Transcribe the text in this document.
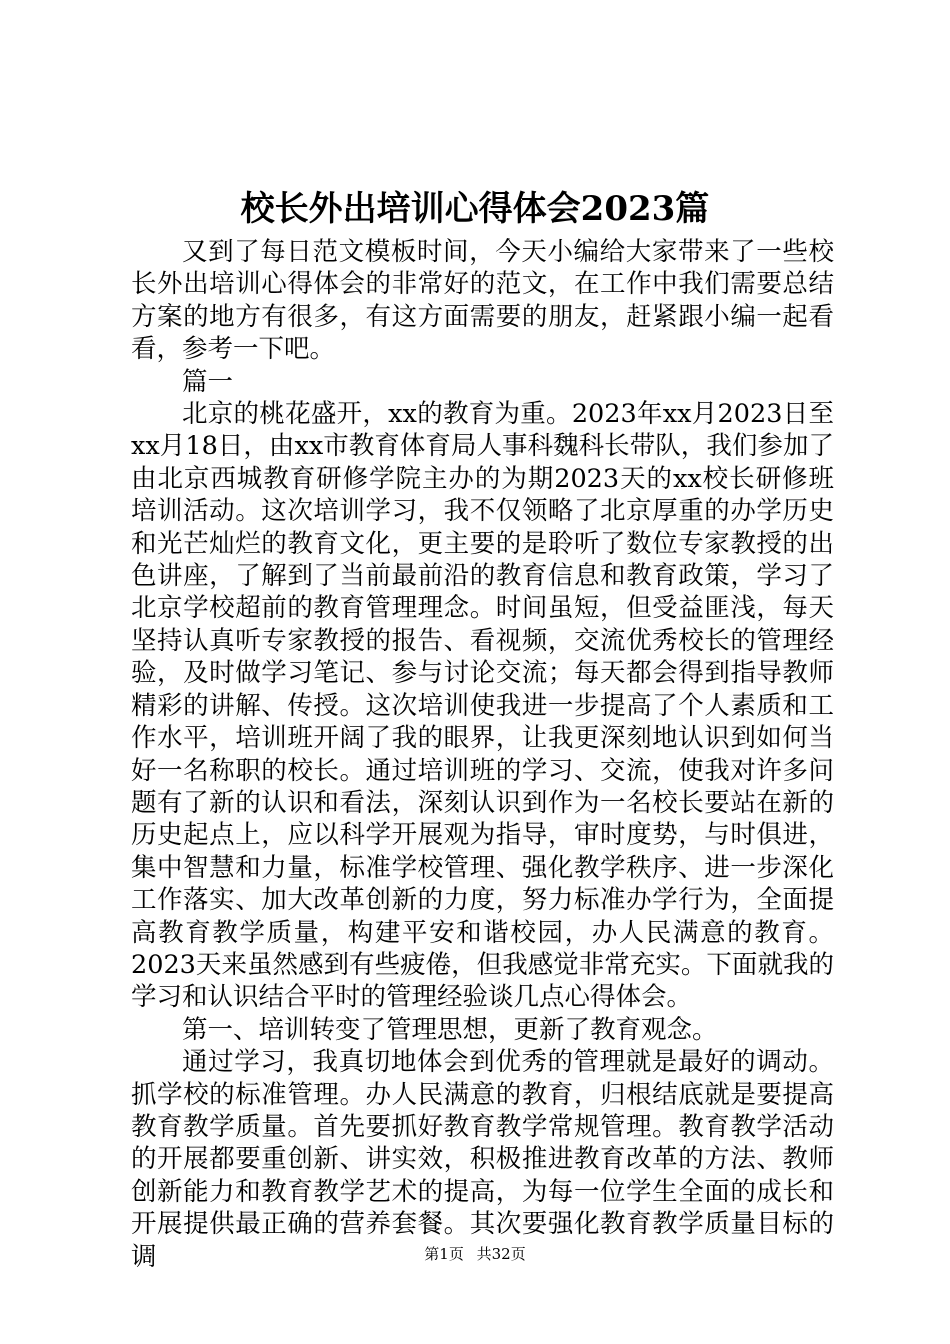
校长外出培训心得体会2023篇

又到了每日范文模板时间，今天小编给大家带来了一些校长外出培训心得体会的非常好的范文，在工作中我们需要总结方案的地方有很多，有这方面需要的朋友，赶紧跟小编一起看看，参考一下吧。

篇一

北京的桃花盛开，xx的教育为重。2023年xx月2023日至xx月18日，由xx市教育体育局人事科魏科长带队，我们参加了由北京西城教育研修学院主办的为期2023天的xx校长研修班培训活动。这次培训学习，我不仅领略了北京厚重的办学历史和光芒灿烂的教育文化，更主要的是聆听了数位专家教授的出色讲座，了解到了当前最前沿的教育信息和教育政策，学习了北京学校超前的教育管理理念。时间虽短，但受益匪浅，每天坚持认真听专家教授的报告、看视频，交流优秀校长的管理经验，及时做学习笔记、参与讨论交流；每天都会得到指导教师精彩的讲解、传授。这次培训使我进一步提高了个人素质和工作水平，培训班开阔了我的眼界，让我更深刻地认识到如何当好一名称职的校长。通过培训班的学习、交流，使我对许多问题有了新的认识和看法，深刻认识到作为一名校长要站在新的历史起点上，应以科学开展观为指导，审时度势，与时俱进，集中智慧和力量，标准学校管理、强化教学秩序、进一步深化工作落实、加大改革创新的力度，努力标准办学行为，全面提高教育教学质量，构建平安和谐校园，办人民满意的教育。2023天来虽然感到有些疲倦，但我感觉非常充实。下面就我的学习和认识结合平时的管理经验谈几点心得体会。

第一、培训转变了管理思想，更新了教育观念。

通过学习，我真切地体会到优秀的管理就是最好的调动。抓学校的标准管理。办人民满意的教育，归根结底就是要提高教育教学质量。首先要抓好教育教学常规管理。教育教学活动的开展都要重创新、讲实效，积极推进教育改革的方法、教师创新能力和教育教学艺术的提高，为每一位学生全面的成长和开展提供最正确的营养套餐。其次要强化教育教学质量目标的调	第1页 共32页
